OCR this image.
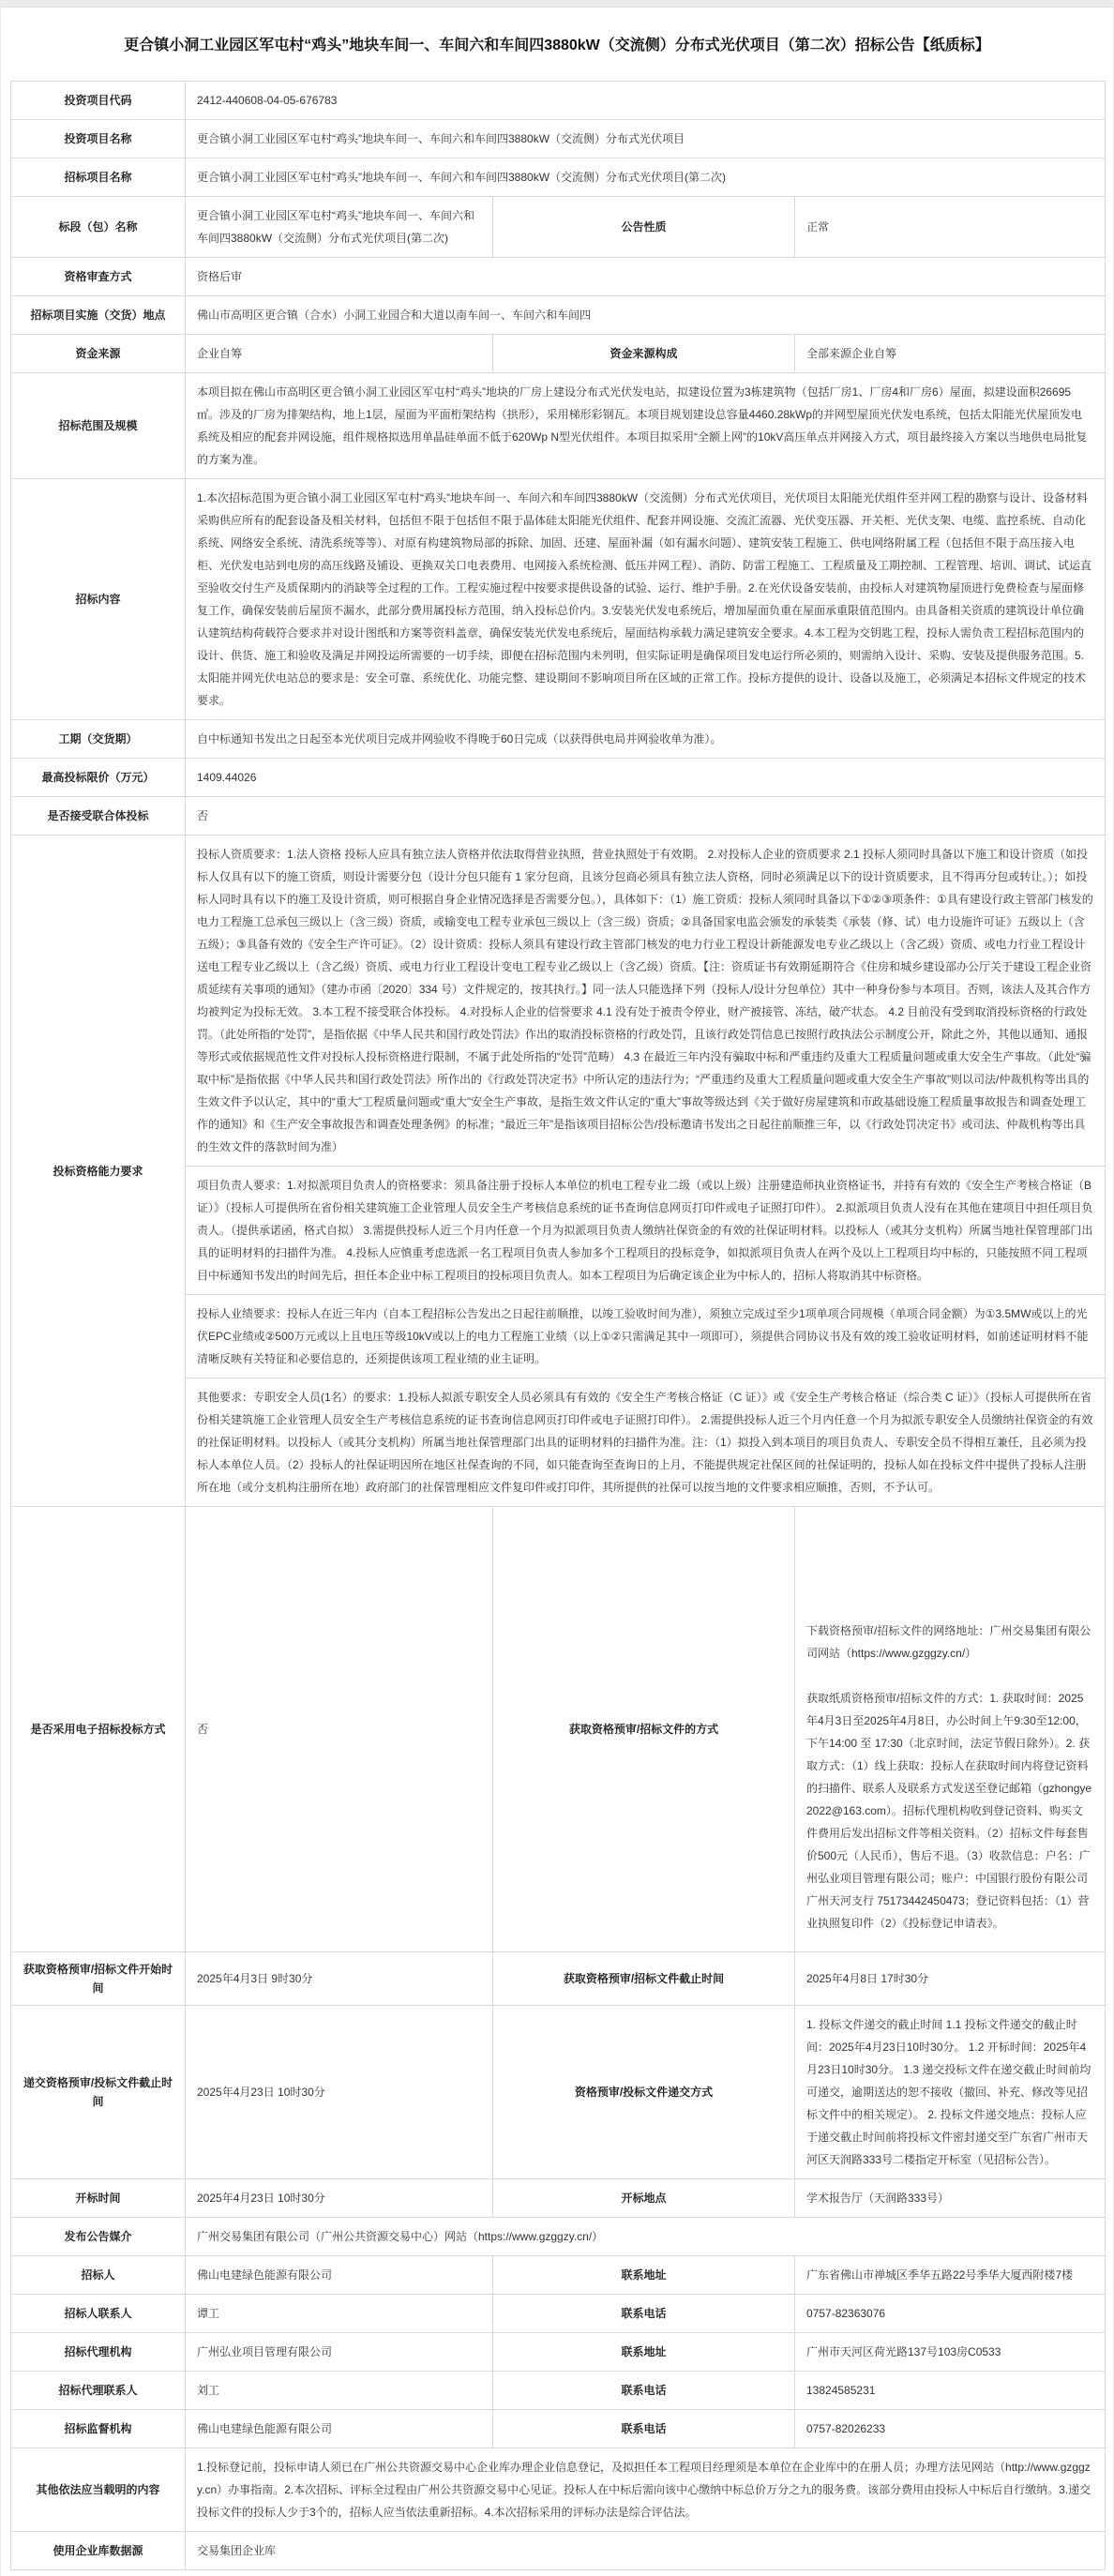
更合镇小洞工业园区军屯村“鸡头”地块车间一、车间六和车间四3880kW（交流侧）分布式光伏项目（第二次）招标公告【纸质标】
投资项目代码	2412-440608-04-05-676783		
投资项目名称	更合镇小洞工业园区军屯村“鸡头”地块车间一、车间六和车间四3880kW（交流侧）分布式光伏项目		
招标项目名称	更合镇小洞工业园区军屯村“鸡头”地块车间一、车间六和车间四3880kW（交流侧）分布式光伏项目(第二次)		
标段（包）名称	更合镇小洞工业园区军屯村“鸡头”地块车间一、车间六和车间四3880kW（交流侧）分布式光伏项目(第二次)	公告性质	正常
资格审查方式	资格后审		
招标项目实施（交货）地点	佛山市高明区更合镇（合水）小洞工业园合和大道以南车间一、车间六和车间四		
资金来源	企业自筹	资金来源构成	全部来源企业自筹
招标范围及规模	本项目拟在佛山市高明区更合镇小洞工业园区军屯村“鸡头”地块的厂房上建设分布式光伏发电站，拟建设位置为3栋建筑物（包括厂房1、厂房4和厂房6）屋面，拟建设面积26695㎡。涉及的厂房为排架结构，地上1层，屋面为平面桁架结构（拱形），采用梯形彩钢瓦。本项目规划建设总容量4460.28kWp的并网型屋顶光伏发电系统，包括太阳能光伏屋顶发电系统及相应的配套并网设施，组件规格拟选用单晶硅单面不低于620Wp N型光伏组件。本项目拟采用“全额上网”的10kV高压单点并网接入方式，项目最终接入方案以当地供电局批复的方案为准。		
招标内容	1.本次招标范围为更合镇小洞工业园区军屯村“鸡头”地块车间一、车间六和车间四3880kW（交流侧）分布式光伏项目，光伏项目太阳能光伏组件至并网工程的勘察与设计、设备材料采购供应所有的配套设备及相关材料，包括但不限于包括但不限于晶体硅太阳能光伏组件、配套并网设施、交流汇流器、光伏变压器、开关柜、光伏支架、电缆、监控系统、自动化系统、网络安全系统、清洗系统等等）、对原有构建筑物局部的拆除、加固、还建、屋面补漏（如有漏水问题）、建筑安装工程施工、供电网络附属工程（包括但不限于高压接入电柜、光伏发电站到电房的高压线路及铺设、更换双关口电表费用、电网接入系统检测、低压并网工程）、消防、防雷工程施工、工程质量及工期控制、工程管理、培训、调试、试运直至验收交付生产及质保期内的消缺等全过程的工作。工程实施过程中按要求提供设备的试验、运行、维护手册。2.在光伏设备安装前，由投标人对建筑物屋顶进行免费检查与屋面修复工作，确保安装前后屋顶不漏水，此部分费用属投标方范围，纳入投标总价内。3.安装光伏发电系统后，增加屋面负重在屋面承重限值范围内。由具备相关资质的建筑设计单位确认建筑结构荷载符合要求并对设计图纸和方案等资料盖章，确保安装光伏发电系统后，屋面结构承载力满足建筑安全要求。4.本工程为交钥匙工程，投标人需负责工程招标范围内的设计、供货、施工和验收及满足并网投运所需要的一切手续，即便在招标范围内未列明，但实际证明是确保项目发电运行所必须的，则需纳入设计、采购、安装及提供服务范围。5.太阳能并网光伏电站总的要求是：安全可靠、系统优化、功能完整、建设期间不影响项目所在区域的正常工作。投标方提供的设计、设备以及施工，必须满足本招标文件规定的技术要求。		
工期（交货期）	自中标通知书发出之日起至本光伏项目完成并网验收不得晚于60日完成（以获得供电局并网验收单为准）。		
最高投标限价（万元）	1409.44026		
是否接受联合体投标	否		
投标资格能力要求	投标人资质要求：1.法人资格 投标人应具有独立法人资格并依法取得营业执照，营业执照处于有效期。 2.对投标人企业的资质要求 2.1 投标人须同时具备以下施工和设计资质（如投标人仅具有以下的施工资质，则设计需要分包（设计分包只能有 1 家分包商，且该分包商必须具有独立法人资格，同时必须满足以下的设计资质要求，且不得再分包或转让。）；如投标人同时具有以下的施工及设计资质，则可根据自身企业情况选择是否需要分包。），具体如下：（1）施工资质：投标人须同时具备以下①②③项条件：①具有建设行政主管部门核发的电力工程施工总承包三级以上（含三级）资质，或输变电工程专业承包三级以上（含三级）资质；②具备国家电监会颁发的承装类《承装（修、试）电力设施许可证》五级以上（含五级）；③具备有效的《安全生产许可证》。（2）设计资质：投标人须具有建设行政主管部门核发的电力行业工程设计新能源发电专业乙级以上（含乙级）资质、或电力行业工程设计送电工程专业乙级以上（含乙级）资质、或电力行业工程设计变电工程专业乙级以上（含乙级）资质。【注：资质证书有效期延期符合《住房和城乡建设部办公厅关于建设工程企业资质延续有关事项的通知》（建办市函〔2020〕334 号）文件规定的，按其执行。】同一法人只能选择下列（投标人/设计分包单位）其中一种身份参与本项目。否则，该法人及其合作方均被判定为投标无效。 3.本工程不接受联合体投标。 4.对投标人企业的信誉要求 4.1 没有处于被责令停业，财产被接管、冻结，破产状态。 4.2 目前没有受到取消投标资格的行政处罚。（此处所指的“处罚”，是指依据《中华人民共和国行政处罚法》作出的取消投标资格的行政处罚，且该行政处罚信息已按照行政执法公示制度公开，除此之外，其他以通知、通报等形式或依据规范性文件对投标人投标资格进行限制，不属于此处所指的“处罚”范畴） 4.3 在最近三年内没有骗取中标和严重违约及重大工程质量问题或重大安全生产事故。（此处“骗取中标”是指依据《中华人民共和国行政处罚法》所作出的《行政处罚决定书》中所认定的违法行为；“严重违约及重大工程质量问题或重大安全生产事故”则以司法/仲裁机构等出具的生效文件予以认定，其中的“重大”工程质量问题或“重大”安全生产事故，是指生效文件认定的“重大”事故等级达到《关于做好房屋建筑和市政基础设施工程质量事故报告和调查处理工作的通知》和《生产安全事故报告和调查处理条例》的标准；“最近三年”是指该项目招标公告/投标邀请书发出之日起往前顺推三年，以《行政处罚决定书》或司法、仲裁机构等出具的生效文件的落款时间为准）		
	项目负责人要求：1.对拟派项目负责人的资格要求：须具备注册于投标人本单位的机电工程专业二级（或以上级）注册建造师执业资格证书，并持有有效的《安全生产考核合格证（B证）》（投标人可提供所在省份相关建筑施工企业管理人员安全生产考核信息系统的证书查询信息网页打印件或电子证照打印件）。 2.拟派项目负责人没有在其他在建项目中担任项目负责人。（提供承诺函，格式自拟） 3.需提供投标人近三个月内任意一个月为拟派项目负责人缴纳社保资金的有效的社保证明材料。以投标人（或其分支机构）所属当地社保管理部门出具的证明材料的扫描件为准。 4.投标人应慎重考虑选派一名工程项目负责人参加多个工程项目的投标竞争，如拟派项目负责人在两个及以上工程项目均中标的，只能按照不同工程项目中标通知书发出的时间先后，担任本企业中标工程项目的投标项目负责人。如本工程项目为后确定该企业为中标人的，招标人将取消其中标资格。		
	投标人业绩要求：投标人在近三年内（自本工程招标公告发出之日起往前顺推，以竣工验收时间为准），须独立完成过至少1项单项合同规模（单项合同金额）为①3.5MW或以上的光伏EPC业绩或②500万元或以上且电压等级10kV或以上的电力工程施工业绩（以上①②只需满足其中一项即可），须提供合同协议书及有效的竣工验收证明材料，如前述证明材料不能清晰反映有关特征和必要信息的，还须提供该项工程业绩的业主证明。		
	其他要求：专职安全人员(1名）的要求：1.投标人拟派专职安全人员必须具有有效的《安全生产考核合格证（C 证）》或《安全生产考核合格证（综合类 C 证）》（投标人可提供所在省份相关建筑施工企业管理人员安全生产考核信息系统的证书查询信息网页打印件或电子证照打印件）。 2.需提供投标人近三个月内任意一个月为拟派专职安全人员缴纳社保资金的有效的社保证明材料。以投标人（或其分支机构）所属当地社保管理部门出具的证明材料的扫描件为准。注：（1）拟投入到本项目的项目负责人、专职安全员不得相互兼任，且必须为投标人本单位人员。（2）投标人的社保证明因所在地区社保查询的不同，如只能查询至查询日的上月，不能提供规定社保区间的社保证明的，投标人如在投标文件中提供了投标人注册所在地（或分支机构注册所在地）政府部门的社保管理相应文件复印件或打印件，其所提供的社保可以按当地的文件要求相应顺推，否则，不予认可。		
是否采用电子招标投标方式	否	获取资格预审/招标文件的方式	下载资格预审/招标文件的网络地址：广州交易集团有限公司网站（https://www.gzggzy.cn/）

获取纸质资格预审/招标文件的方式：1. 获取时间：2025年4月3日至2025年4月8日，办公时间上午9:30至12:00，下午14:00 至 17:30（北京时间，法定节假日除外）。2. 获取方式：（1）线上获取：投标人在获取时间内将登记资料的扫描件、联系人及联系方式发送至登记邮箱（gzhongye2022@163.com）。招标代理机构收到登记资料、购买文件费用后发出招标文件等相关资料。（2）招标文件每套售价500元（人民币），售后不退。（3）收款信息：户名：广州弘业项目管理有限公司；账户：中国银行股份有限公司广州天河支行 75173442450473；登记资料包括：（1）营业执照复印件（2）《投标登记申请表》。

获取资格预审/招标文件开始时间	2025年4月3日 9时30分	获取资格预审/招标文件截止时间	2025年4月8日 17时30分
递交资格预审/投标文件截止时间	2025年4月23日 10时30分	资格预审/投标文件递交方式	1. 投标文件递交的截止时间 1.1 投标文件递交的截止时间：2025年4月23日10时30分。 1.2 开标时间：2025年4月23日10时30分。 1.3 递交投标文件在递交截止时间前均可递交，逾期送达的恕不接收（撤回、补充、修改等见招标文件中的相关规定）。 2. 投标文件递交地点：投标人应于递交截止时间前将投标文件密封递交至广东省广州市天河区天润路333号二楼指定开标室（见招标公告）。
开标时间	2025年4月23日 10时30分	开标地点	学术报告厅（天润路333号）
发布公告媒介	广州交易集团有限公司（广州公共资源交易中心）网站（https://www.gzggzy.cn/）		
招标人	佛山电建绿色能源有限公司	联系地址	广东省佛山市禅城区季华五路22号季华大厦西附楼7楼
招标人联系人	谭工	联系电话	0757-82363076
招标代理机构	广州弘业项目管理有限公司	联系地址	广州市天河区荷光路137号103房C0533
招标代理联系人	刘工	联系电话	13824585231
招标监督机构	佛山电建绿色能源有限公司	联系电话	0757-82026233
其他依法应当载明的内容	1.投标登记前，投标申请人须已在广州公共资源交易中心企业库办理企业信息登记，及拟担任本工程项目经理须是本单位在企业库中的在册人员；办理方法见网站（http://www.gzggzy.cn）办事指南。2.本次招标、评标全过程由广州公共资源交易中心见证。投标人在中标后需向该中心缴纳中标总价万分之九的服务费。该部分费用由投标人中标后自行缴纳。3.递交投标文件的投标人少于3个的，招标人应当依法重新招标。4.本次招标采用的评标办法是综合评估法。		
使用企业库数据源	交易集团企业库		
